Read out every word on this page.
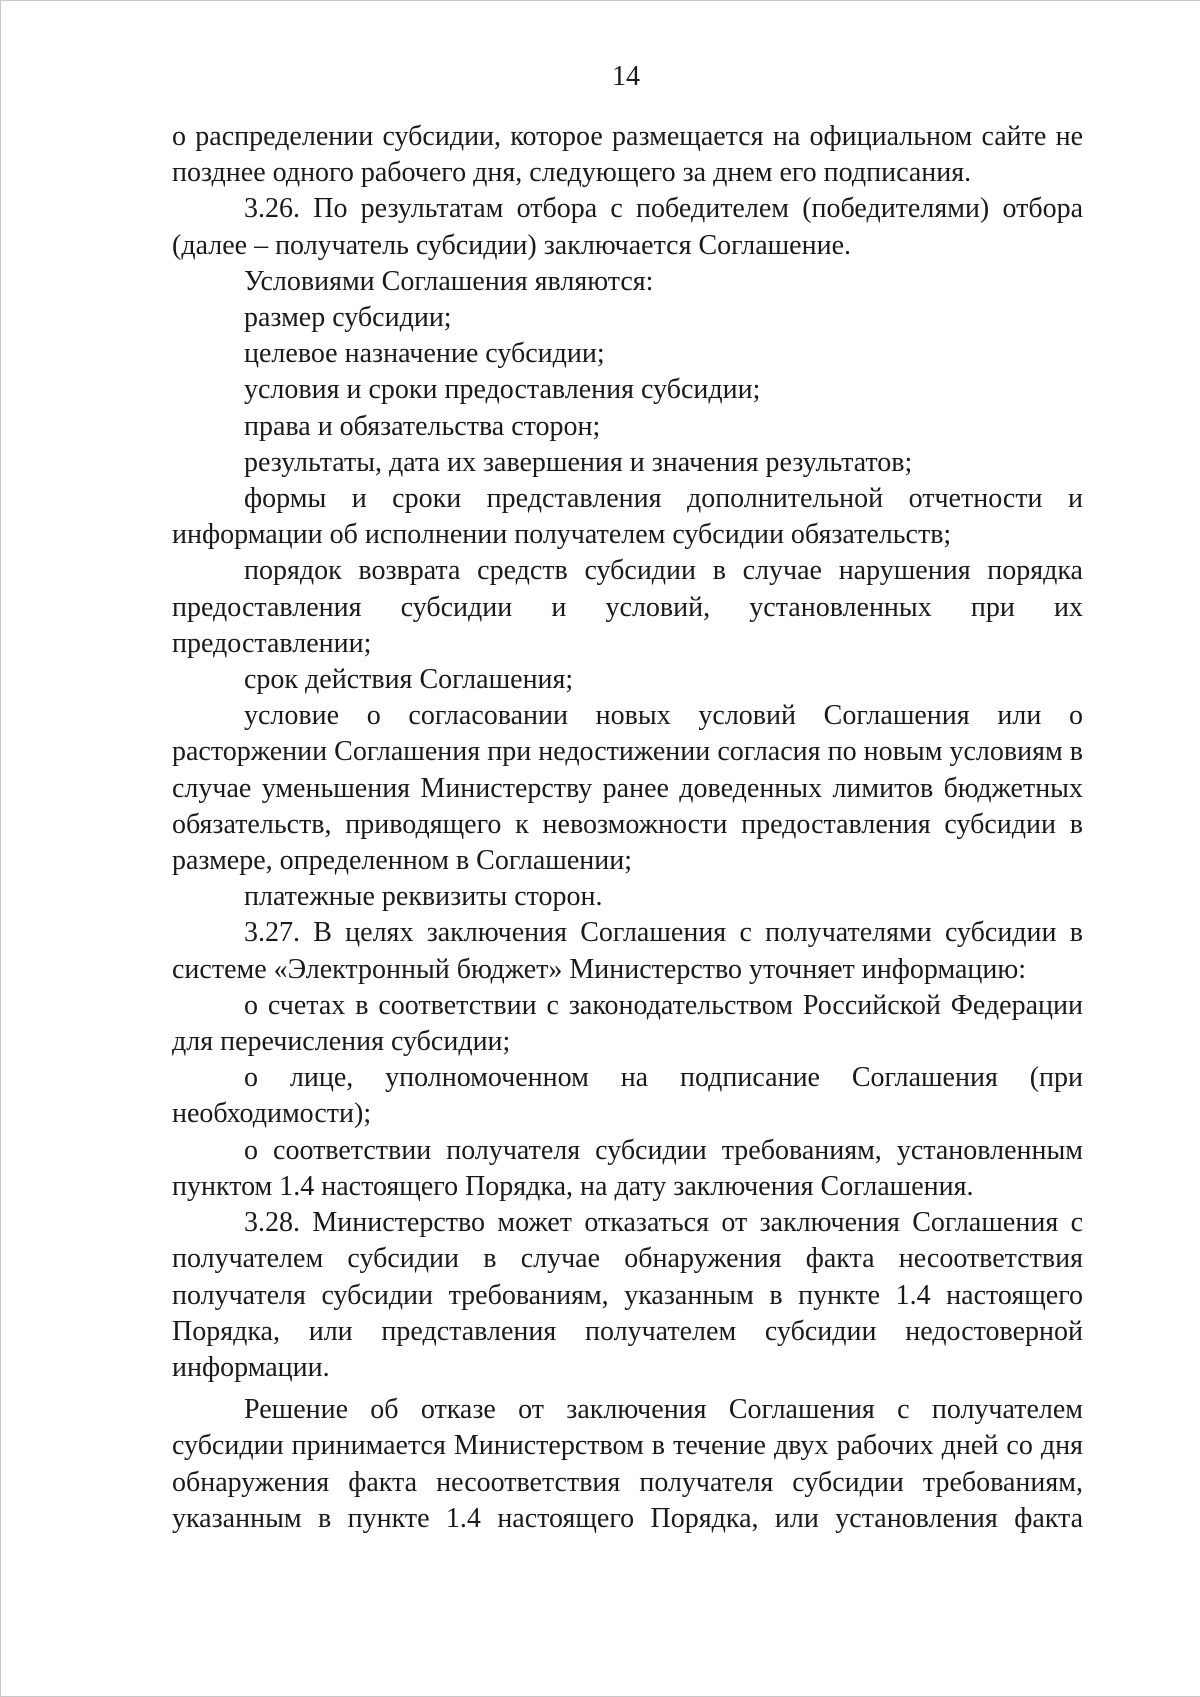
14

о распределении субсидии, которое размещается на официальном сайте не позднее одного рабочего дня, следующего за днем его подписания.

3.26. По результатам отбора с победителем (победителями) отбора (далее – получатель субсидии) заключается Соглашение.

Условиями Соглашения являются:

размер субсидии;

целевое назначение субсидии;

условия и сроки предоставления субсидии;

права и обязательства сторон;

результаты, дата их завершения и значения результатов;

формы и сроки представления дополнительной отчетности и информации об исполнении получателем субсидии обязательств;

порядок возврата средств субсидии в случае нарушения порядка предоставления субсидии и условий, установленных при их предоставлении;

срок действия Соглашения;

условие о согласовании новых условий Соглашения или о расторжении Соглашения при недостижении согласия по новым условиям в случае уменьшения Министерству ранее доведенных лимитов бюджетных обязательств, приводящего к невозможности предоставления субсидии в размере, определенном в Соглашении;

платежные реквизиты сторон.

3.27. В целях заключения Соглашения с получателями субсидии в системе «Электронный бюджет» Министерство уточняет информацию:

о счетах в соответствии с законодательством Российской Федерации для перечисления субсидии;

о лице, уполномоченном на подписание Соглашения (при необходимости);

о соответствии получателя субсидии требованиям, установленным пунктом 1.4 настоящего Порядка, на дату заключения Соглашения.

3.28. Министерство может отказаться от заключения Соглашения с получателем субсидии в случае обнаружения факта несоответствия получателя субсидии требованиям, указанным в пункте 1.4 настоящего Порядка, или представления получателем субсидии недостоверной информации.

Решение об отказе от заключения Соглашения с получателем субсидии принимается Министерством в течение двух рабочих дней со дня обнаружения факта несоответствия получателя субсидии требованиям, указанным в пункте 1.4 настоящего Порядка, или установления факта
